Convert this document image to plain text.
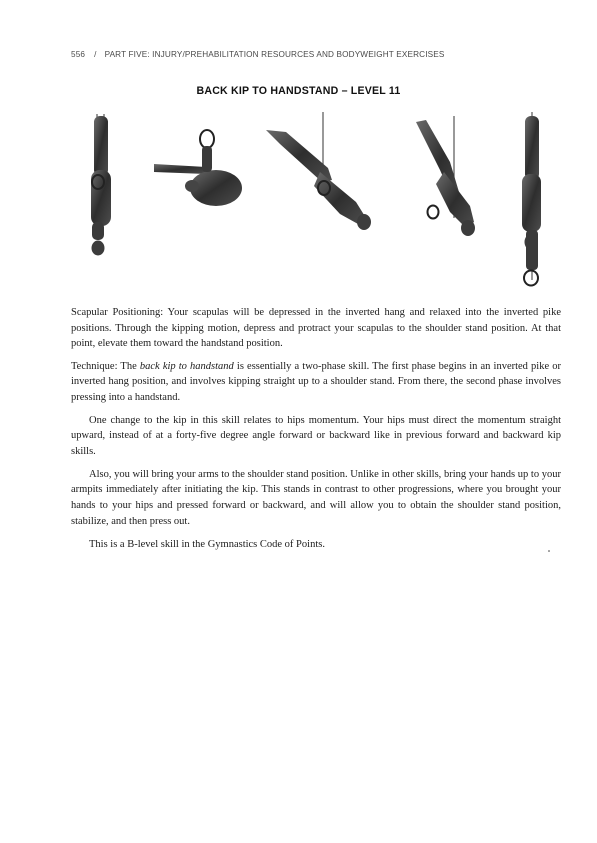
556 / PART FIVE: INJURY/PREHABILITATION RESOURCES AND BODYWEIGHT EXERCISES
BACK KIP TO HANDSTAND – LEVEL 11

Scapular Positioning: Your scapulas will be depressed in the inverted hang and relaxed into the inverted pike positions. Through the kipping motion, depress and protract your scapulas to the shoulder stand position. At that point, elevate them toward the handstand position.

Technique: The back kip to handstand is essentially a two-phase skill. The first phase begins in an inverted pike or inverted hang position, and involves kipping straight up to a shoulder stand. From there, the second phase involves pressing into a handstand.

One change to the kip in this skill relates to hips momentum. Your hips must direct the momentum straight upward, instead of at a forty-five degree angle forward or backward like in previous forward and backward kip skills.

Also, you will bring your arms to the shoulder stand position. Unlike in other skills, bring your hands up to your armpits immediately after initiating the kip. This stands in contrast to other progressions, where you brought your hands to your hips and pressed forward or backward, and will allow you to obtain the shoulder stand position, stabilize, and then press out.

This is a B-level skill in the Gymnastics Code of Points.
